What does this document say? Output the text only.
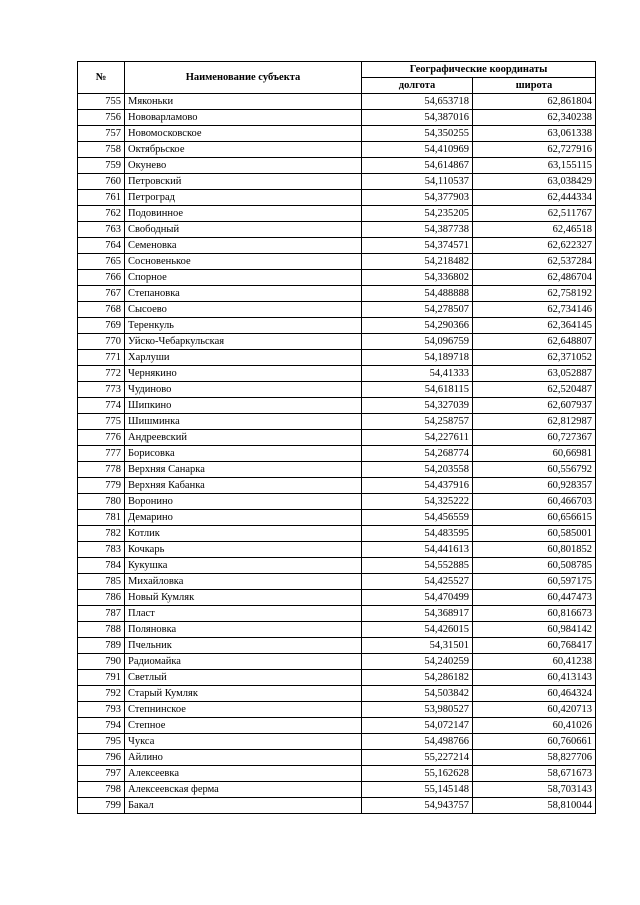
№	Наименование субъекта	Географические координаты	
		долгота	широта
755	Мяконьки	54,653718	62,861804
756	Нововарламово	54,387016	62,340238
757	Новомосковское	54,350255	63,061338
758	Октябрьское	54,410969	62,727916
759	Окунево	54,614867	63,155115
760	Петровский	54,110537	63,038429
761	Петроград	54,377903	62,444334
762	Подовинное	54,235205	62,511767
763	Свободный	54,387738	62,46518
764	Семеновка	54,374571	62,622327
765	Сосновенькое	54,218482	62,537284
766	Спорное	54,336802	62,486704
767	Степановка	54,488888	62,758192
768	Сысоево	54,278507	62,734146
769	Теренкуль	54,290366	62,364145
770	Уйско-Чебаркульская	54,096759	62,648807
771	Харлуши	54,189718	62,371052
772	Чернякино	54,41333	63,052887
773	Чудиново	54,618115	62,520487
774	Шипкино	54,327039	62,607937
775	Шишминка	54,258757	62,812987
776	Андреевский	54,227611	60,727367
777	Борисовка	54,268774	60,66981
778	Верхняя Санарка	54,203558	60,556792
779	Верхняя Кабанка	54,437916	60,928357
780	Воронино	54,325222	60,466703
781	Демарино	54,456559	60,656615
782	Котлик	54,483595	60,585001
783	Кочкарь	54,441613	60,801852
784	Кукушка	54,552885	60,508785
785	Михайловка	54,425527	60,597175
786	Новый Кумляк	54,470499	60,447473
787	Пласт	54,368917	60,816673
788	Поляновка	54,426015	60,984142
789	Пчельник	54,31501	60,768417
790	Радиомайка	54,240259	60,41238
791	Светлый	54,286182	60,413143
792	Старый Кумляк	54,503842	60,464324
793	Степнинское	53,980527	60,420713
794	Степное	54,072147	60,41026
795	Чукса	54,498766	60,760661
796	Айлино	55,227214	58,827706
797	Алексеевка	55,162628	58,671673
798	Алексеевская ферма	55,145148	58,703143
799	Бакал	54,943757	58,810044
